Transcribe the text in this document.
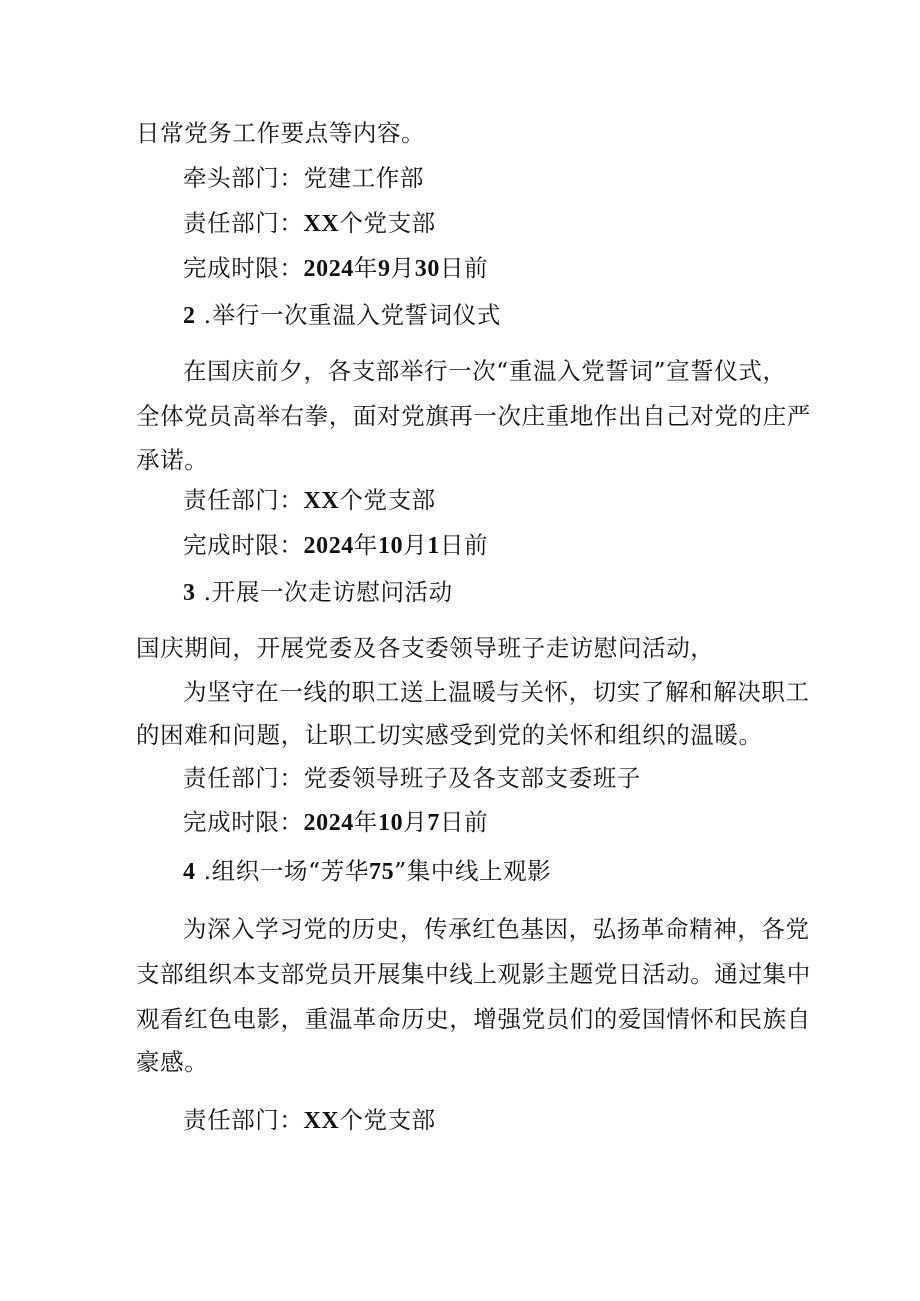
日常党务工作要点等内容。
牵头部门：党建工作部
责任部门：XX个党支部
完成时限：2024年9月30日前
2 .举行一次重温入党誓词仪式
在国庆前夕，各支部举行一次“重温入党誓词”宣誓仪式，
全体党员高举右拳，面对党旗再一次庄重地作出自己对党的庄严
承诺。
责任部门：XX个党支部
完成时限：2024年10月1日前
3 .开展一次走访慰问活动
国庆期间，开展党委及各支委领导班子走访慰问活动，
为坚守在一线的职工送上温暖与关怀，切实了解和解决职工
的困难和问题，让职工切实感受到党的关怀和组织的温暖。
责任部门：党委领导班子及各支部支委班子
完成时限：2024年10月7日前
4 .组织一场“芳华75”集中线上观影
为深入学习党的历史，传承红色基因，弘扬革命精神，各党
支部组织本支部党员开展集中线上观影主题党日活动。通过集中
观看红色电影，重温革命历史，增强党员们的爱国情怀和民族自
豪感。
责任部门：XX个党支部
